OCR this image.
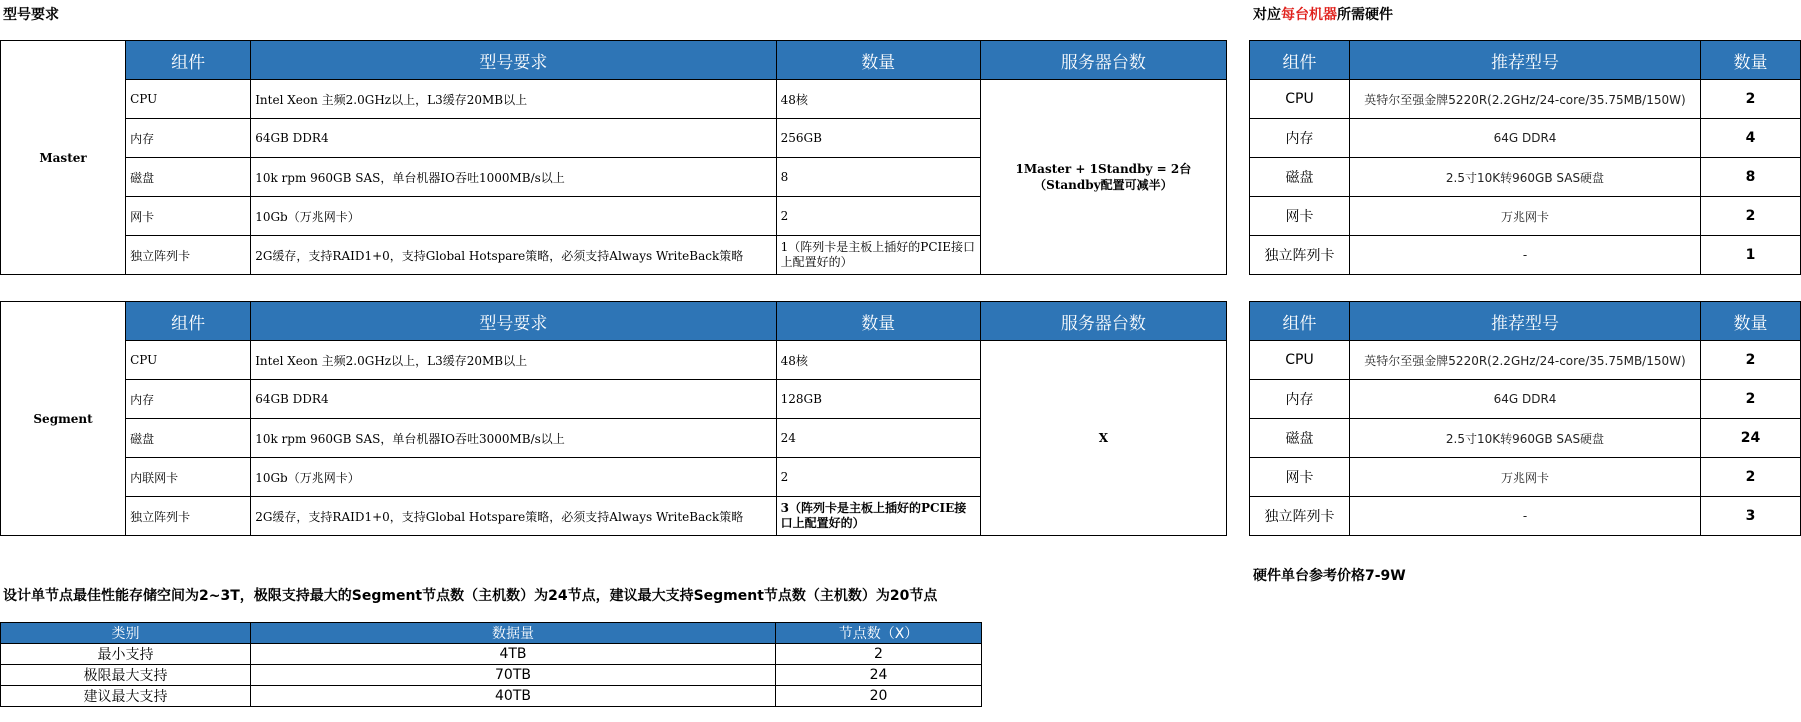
型号要求	对应每台机器所需硬件
Master	组件	型号要求	数量	服务器台数
	CPU	Intel Xeon 主频2.0GHz以上，L3缓存20MB以上	48核	1Master + 1Standby = 2台（Standby配置可减半）
	内存	64GB DDR4	256GB	
	磁盘	10k rpm 960GB SAS，单台机器IO吞吐1000MB/s以上	8	
	网卡	10Gb（万兆网卡）	2	
	独立阵列卡	2G缓存，支持RAID1+0，支持Global Hotspare策略，必须支持Always WriteBack策略	1（阵列卡是主板上插好的PCIE接口上配置好的）	
组件	推荐型号	数量
CPU	英特尔至强金牌5220R(2.2GHz/24-core/35.75MB/150W)	2
内存	64G DDR4	4
磁盘	2.5寸10K转960GB SAS硬盘	8
网卡	万兆网卡	2
独立阵列卡	-	1
Segment	组件	型号要求	数量	服务器台数
	CPU	Intel Xeon 主频2.0GHz以上，L3缓存20MB以上	48核	X
	内存	64GB DDR4	128GB	
	磁盘	10k rpm 960GB SAS，单台机器IO吞吐3000MB/s以上	24	
	内联网卡	10Gb（万兆网卡）	2	
	独立阵列卡	2G缓存，支持RAID1+0，支持Global Hotspare策略，必须支持Always WriteBack策略	3（阵列卡是主板上插好的PCIE接口上配置好的）	
组件	推荐型号	数量
CPU	英特尔至强金牌5220R(2.2GHz/24-core/35.75MB/150W)	2
内存	64G DDR4	2
磁盘	2.5寸10K转960GB SAS硬盘	24
网卡	万兆网卡	2
独立阵列卡	-	3
硬件单台参考价格7-9W
设计单节点最佳性能存储空间为2~3T，极限支持最大的Segment节点数（主机数）为24节点，建议最大支持Segment节点数（主机数）为20节点
类别	数据量	节点数（X）
最小支持	4TB	2
极限最大支持	70TB	24
建议最大支持	40TB	20
